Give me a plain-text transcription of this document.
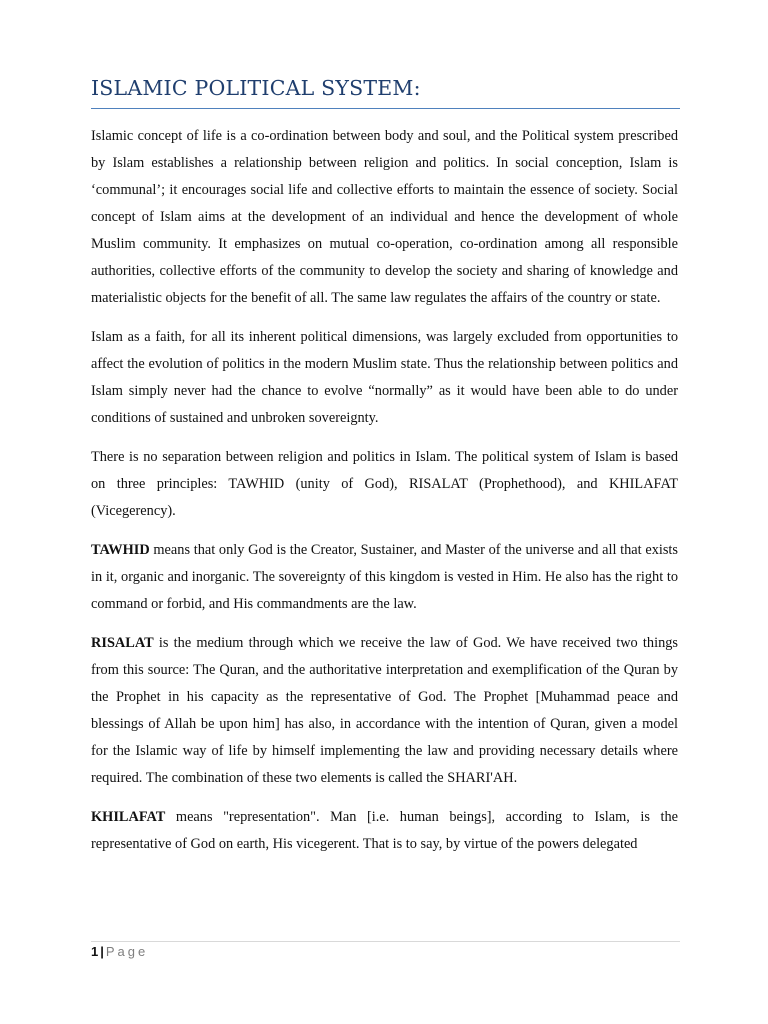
ISLAMIC POLITICAL SYSTEM:

Islamic concept of life is a co-ordination between body and soul, and the Political system prescribed by Islam establishes a relationship between religion and politics. In social conception, Islam is ‘communal’; it encourages social life and collective efforts to maintain the essence of society. Social concept of Islam aims at the development of an individual and hence the development of whole Muslim community. It emphasizes on mutual co-operation, co-ordination among all responsible authorities, collective efforts of the community to develop the society and sharing of knowledge and materialistic objects for the benefit of all. The same law regulates the affairs of the country or state.

Islam as a faith, for all its inherent political dimensions, was largely excluded from opportunities to affect the evolution of politics in the modern Muslim state. Thus the relationship between politics and Islam simply never had the chance to evolve “normally” as it would have been able to do under conditions of sustained and unbroken sovereignty.

There is no separation between religion and politics in Islam. The political system of Islam is based on three principles: TAWHID (unity of God), RISALAT (Prophethood), and KHILAFAT (Vicegerency).

TAWHID means that only God is the Creator, Sustainer, and Master of the universe and all that exists in it, organic and inorganic. The sovereignty of this kingdom is vested in Him. He also has the right to command or forbid, and His commandments are the law.

RISALAT is the medium through which we receive the law of God. We have received two things from this source: The Quran, and the authoritative interpretation and exemplification of the Quran by the Prophet in his capacity as the representative of God. The Prophet [Muhammad peace and blessings of Allah be upon him] has also, in accordance with the intention of Quran, given a model for the Islamic way of life by himself implementing the law and providing necessary details where required. The combination of these two elements is called the SHARI'AH.

KHILAFAT means "representation". Man [i.e. human beings], according to Islam, is the representative of God on earth, His vicegerent. That is to say, by virtue of the powers delegated

1 | Page
